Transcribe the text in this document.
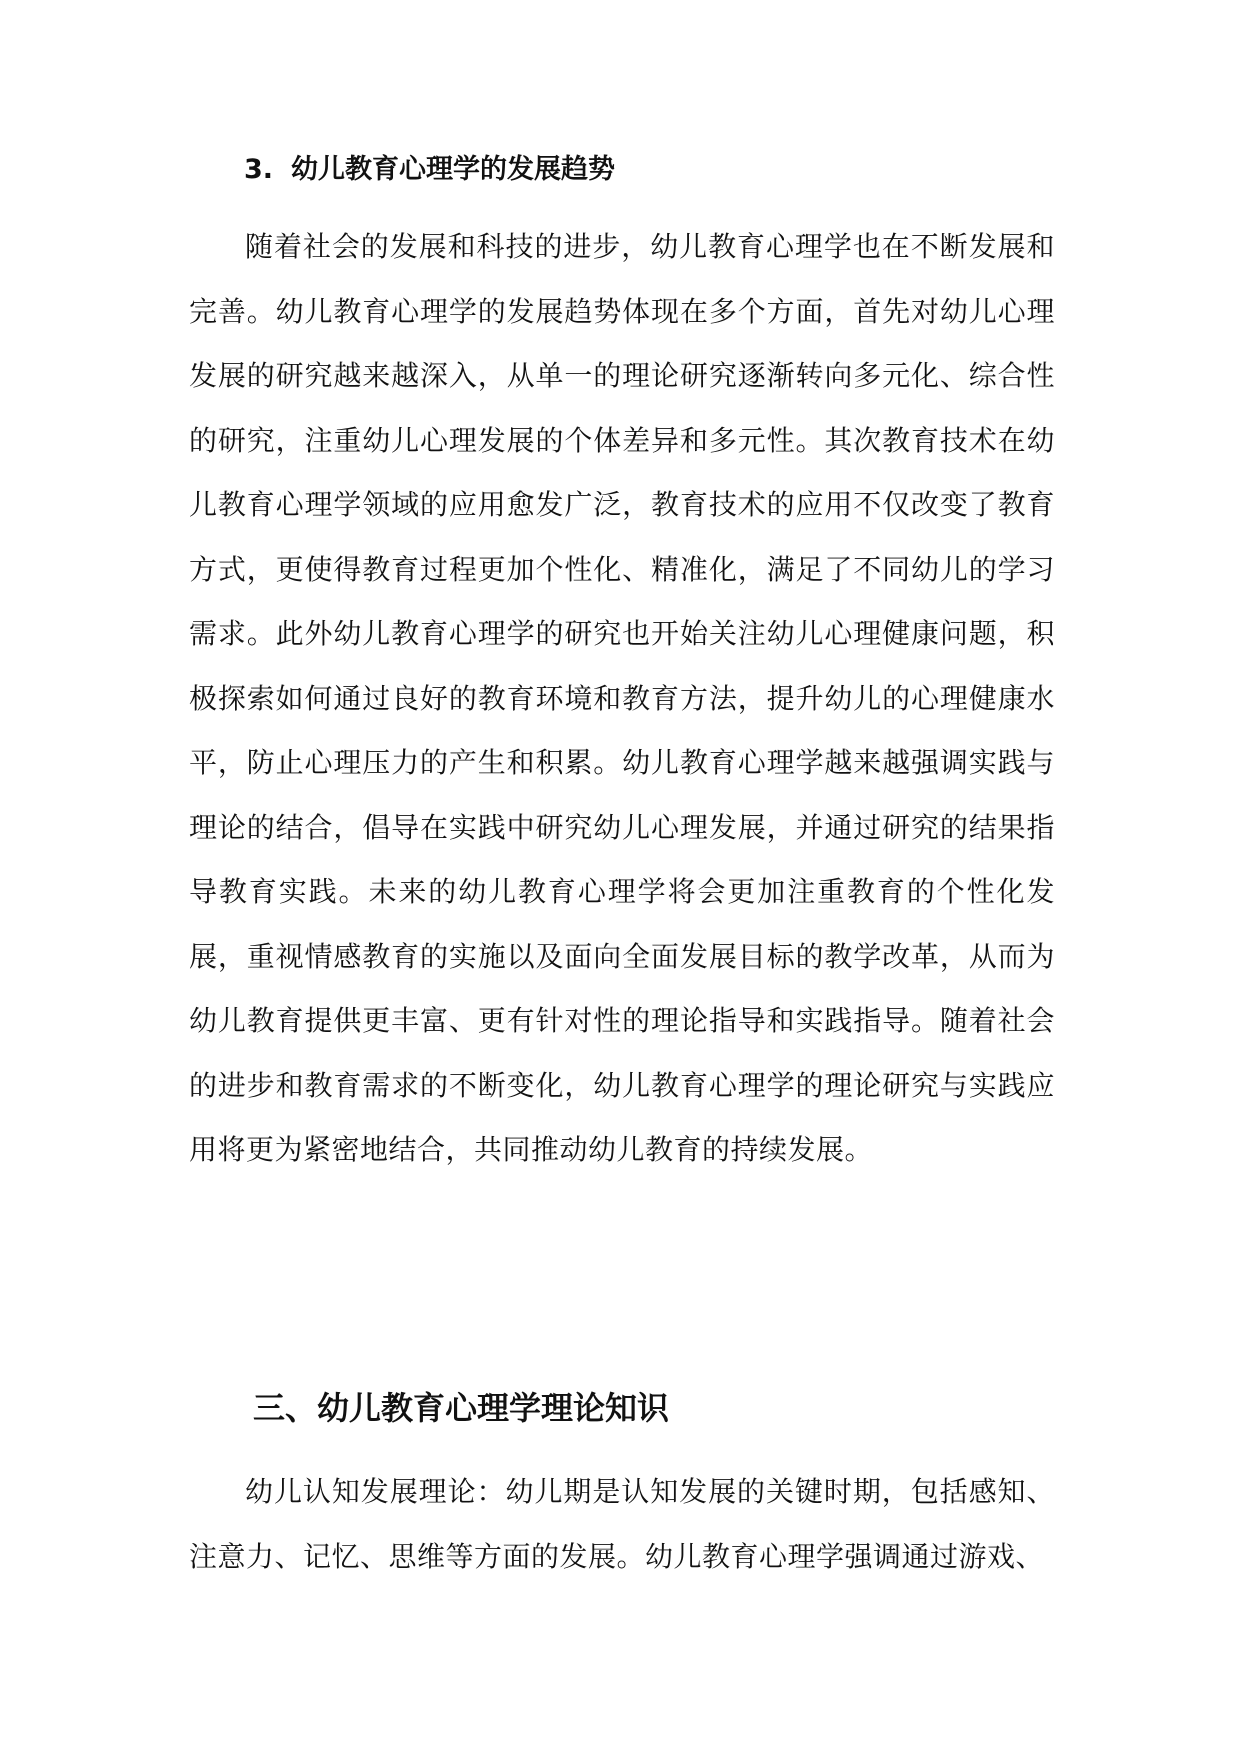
3. 幼儿教育心理学的发展趋势

随着社会的发展和科技的进步，幼儿教育心理学也在不断发展和完善。幼儿教育心理学的发展趋势体现在多个方面，首先对幼儿心理发展的研究越来越深入，从单一的理论研究逐渐转向多元化、综合性的研究，注重幼儿心理发展的个体差异和多元性。其次教育技术在幼儿教育心理学领域的应用愈发广泛，教育技术的应用不仅改变了教育方式，更使得教育过程更加个性化、精准化，满足了不同幼儿的学习需求。此外幼儿教育心理学的研究也开始关注幼儿心理健康问题，积极探索如何通过良好的教育环境和教育方法，提升幼儿的心理健康水平，防止心理压力的产生和积累。幼儿教育心理学越来越强调实践与理论的结合，倡导在实践中研究幼儿心理发展，并通过研究的结果指导教育实践。未来的幼儿教育心理学将会更加注重教育的个性化发展，重视情感教育的实施以及面向全面发展目标的教学改革，从而为幼儿教育提供更丰富、更有针对性的理论指导和实践指导。随着社会的进步和教育需求的不断变化，幼儿教育心理学的理论研究与实践应用将更为紧密地结合，共同推动幼儿教育的持续发展。

三、幼儿教育心理学理论知识

幼儿认知发展理论：幼儿期是认知发展的关键时期，包括感知、注意力、记忆、思维等方面的发展。幼儿教育心理学强调通过游戏、
